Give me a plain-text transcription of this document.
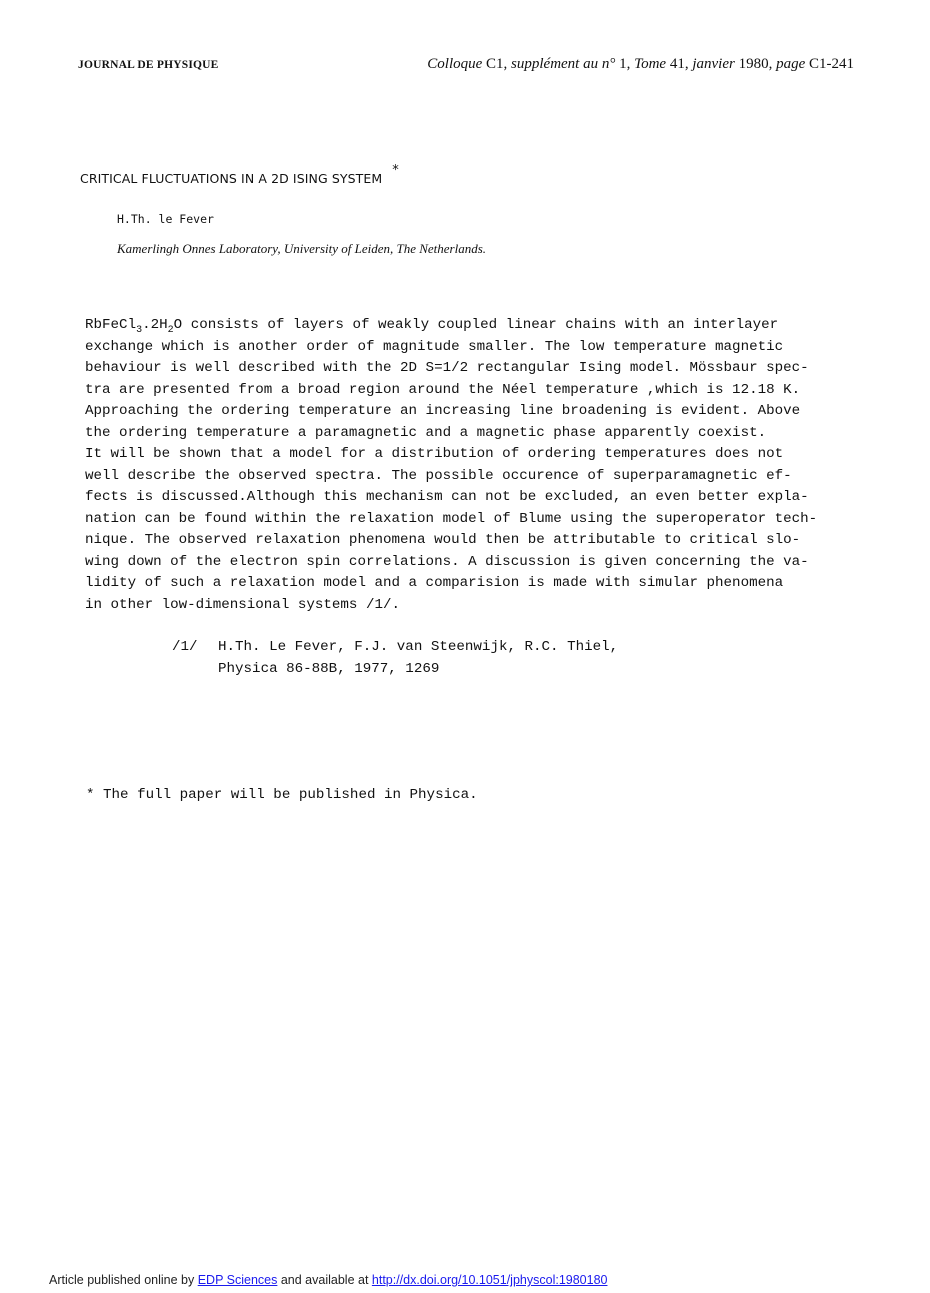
JOURNAL DE PHYSIQUE	Colloque C1, supplément au n° 1, Tome 41, janvier 1980, page C1-241
CRITICAL FLUCTUATIONS IN A 2D ISING SYSTEM*
H.Th. le Fever
Kamerlingh Onnes Laboratory, University of Leiden, The Netherlands.
$RbFeCl_3.2H_2O$ consists of layers of weakly coupled linear chains with an interlayer
exchange which is another order of magnitude smaller. The low temperature magnetic
behaviour is well described with the 2D S=1/2 rectangular Ising model. Mössbaur spec-
tra are presented from a broad region around the Néel temperature ,which is 12.18 K.
Approaching the ordering temperature an increasing line broadening is evident. Above
the ordering temperature a paramagnetic and a magnetic phase apparently coexist.
It will be shown that a model for a distribution of ordering temperatures does not
well describe the observed spectra. The possible occurence of superparamagnetic ef-
fects is discussed.Although this mechanism can not be excluded, an even better expla-
nation can be found within the relaxation model of Blume using the superoperator tech-
nique. The observed relaxation phenomena would then be attributable to critical slo-
wing down of the electron spin correlations. A discussion is given concerning the va-
lidity of such a relaxation model and a comparision is made with simular phenomena
in other low-dimensional systems /1/.
/1/ H.Th. Le Fever, F.J. van Steenwijk, R.C. Thiel,
Physica 86-88B, 1977, 1269
* The full paper will be published in Physica.
Article published online by EDP Sciences and available at http://dx.doi.org/10.1051/jphyscol:1980180
